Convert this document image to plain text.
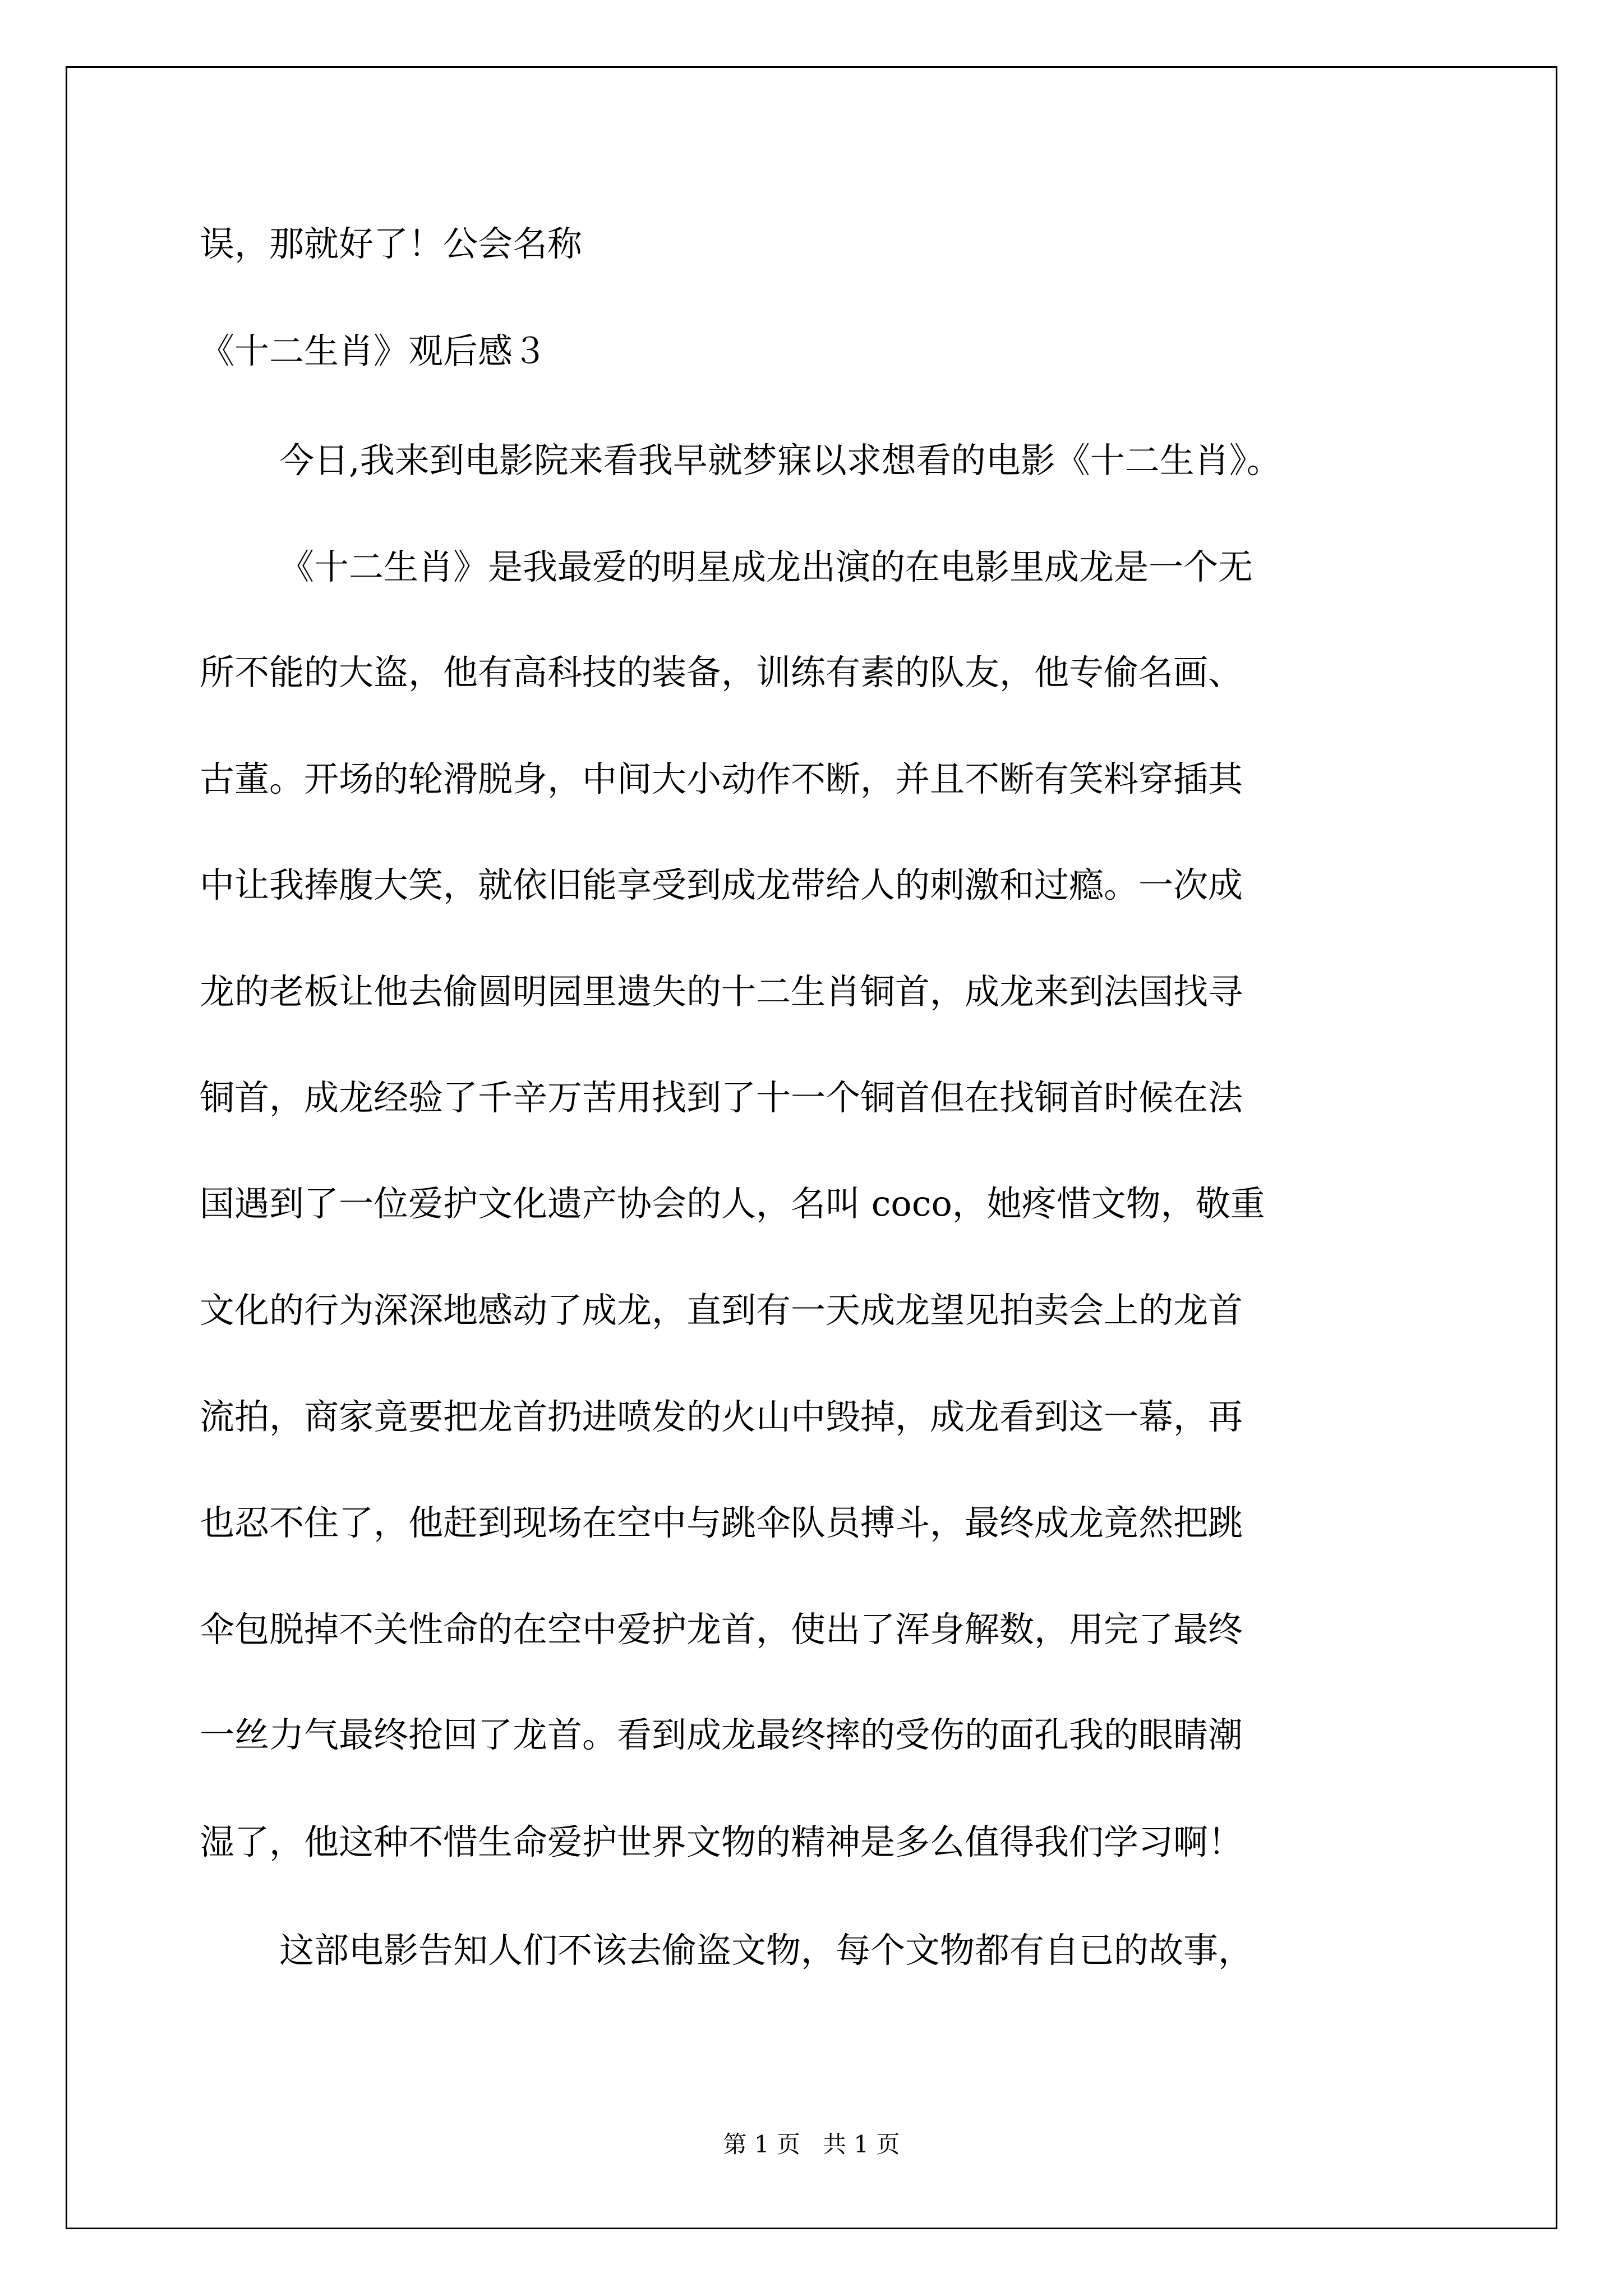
误，那就好了！公会名称

《十二生肖》观后感３

今日,我来到电影院来看我早就梦寐以求想看的电影《十二生肖》。

《十二生肖》是我最爱的明星成龙出演的在电影里成龙是一个无

所不能的大盗，他有高科技的装备，训练有素的队友，他专偷名画、

古董。开场的轮滑脱身，中间大小动作不断，并且不断有笑料穿插其

中让我捧腹大笑，就依旧能享受到成龙带给人的刺激和过瘾。一次成

龙的老板让他去偷圆明园里遗失的十二生肖铜首，成龙来到法国找寻

铜首，成龙经验了千辛万苦用找到了十一个铜首但在找铜首时候在法

国遇到了一位爱护文化遗产协会的人，名叫 coco，她疼惜文物，敬重

文化的行为深深地感动了成龙，直到有一天成龙望见拍卖会上的龙首

流拍，商家竟要把龙首扔进喷发的火山中毁掉，成龙看到这一幕，再

也忍不住了，他赶到现场在空中与跳伞队员搏斗，最终成龙竟然把跳

伞包脱掉不关性命的在空中爱护龙首，使出了浑身解数，用完了最终

一丝力气最终抢回了龙首。看到成龙最终摔的受伤的面孔我的眼睛潮

湿了，他这种不惜生命爱护世界文物的精神是多么值得我们学习啊！

这部电影告知人们不该去偷盗文物，每个文物都有自已的故事，

第 1 页   共 1 页
